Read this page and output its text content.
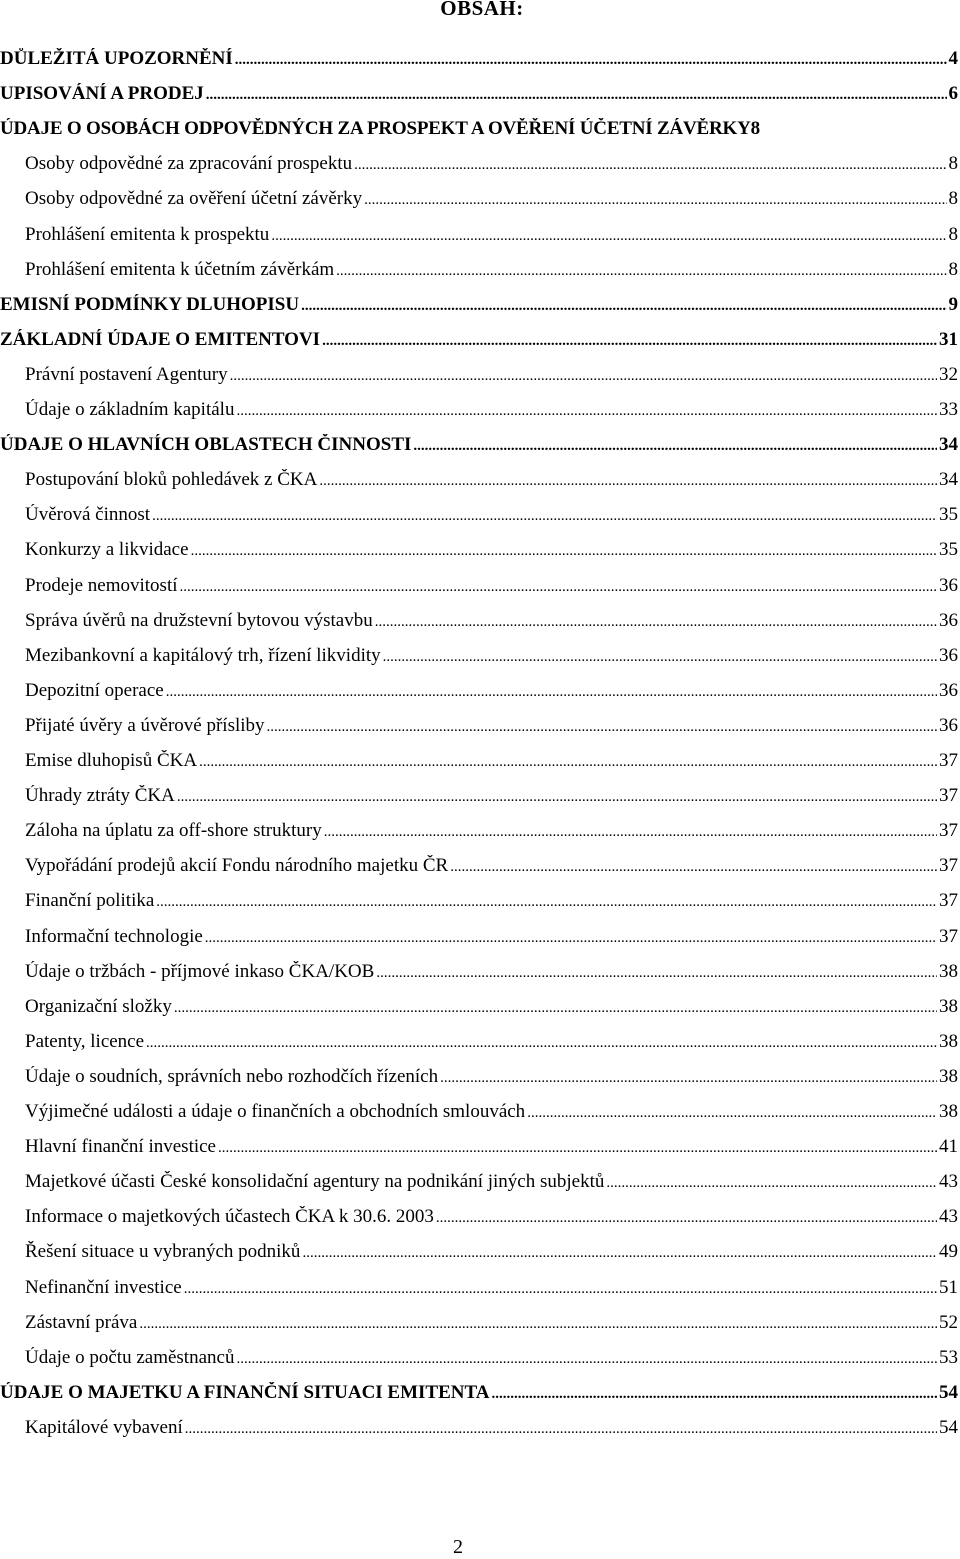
OBSAH:
DŮLEŽITÁ UPOZORNĚNÍ .....	4
UPISOVÁNÍ A PRODEJ .....	6
ÚDAJE O OSOBÁCH ODPOVĚDNÝCH ZA PROSPEKT A OVĚŘENÍ ÚČETNÍ ZÁVĚRKY 8
Osoby odpovědné za zpracování prospektu .....	8
Osoby odpovědné za ověření účetní závěrky .....	8
Prohlášení emitenta k prospektu .....	8
Prohlášení emitenta k účetním závěrkám .....	8
EMISNÍ PODMÍNKY DLUHOPISU .....	9
ZÁKLADNÍ ÚDAJE O EMITENTOVI .....	31
Právní postavení Agentury .....	32
Údaje o základním kapitálu .....	33
ÚDAJE O HLAVNÍCH OBLASTECH ČINNOSTI .....	34
Postupování bloků pohledávek z ČKA .....	34
Úvěrová činnost .....	35
Konkurzy a likvidace .....	35
Prodeje nemovitostí .....	36
Správa úvěrů na družstevní bytovou výstavbu .....	36
Mezibankovní a kapitálový trh, řízení likvidity .....	36
Depozitní operace .....	36
Přijaté úvěry a úvěrové přísliby .....	36
Emise dluhopisů ČKA .....	37
Úhrady ztráty ČKA .....	37
Záloha na úplatu za off-shore struktury .....	37
Vypořádání prodejů akcií Fondu národního majetku ČR .....	37
Finanční politika .....	37
Informační technologie .....	37
Údaje o tržbách - příjmové inkaso ČKA/KOB .....	38
Organizační složky .....	38
Patenty, licence .....	38
Údaje o soudních, správních nebo rozhodčích řízeních .....	38
Výjimečné události a údaje o finančních a obchodních smlouvách .....	38
Hlavní finanční investice .....	41
Majetkové účasti České konsolidační agentury na podnikání jiných subjektů .....	43
Informace o majetkových účastech ČKA k 30.6. 2003 .....	43
Řešení situace u vybraných podniků .....	49
Nefinanční investice .....	51
Zástavní práva .....	52
Údaje o počtu zaměstnanců .....	53
ÚDAJE O MAJETKU A FINANČNÍ SITUACI EMITENTA .....	54
Kapitálové vybavení .....	54
2
